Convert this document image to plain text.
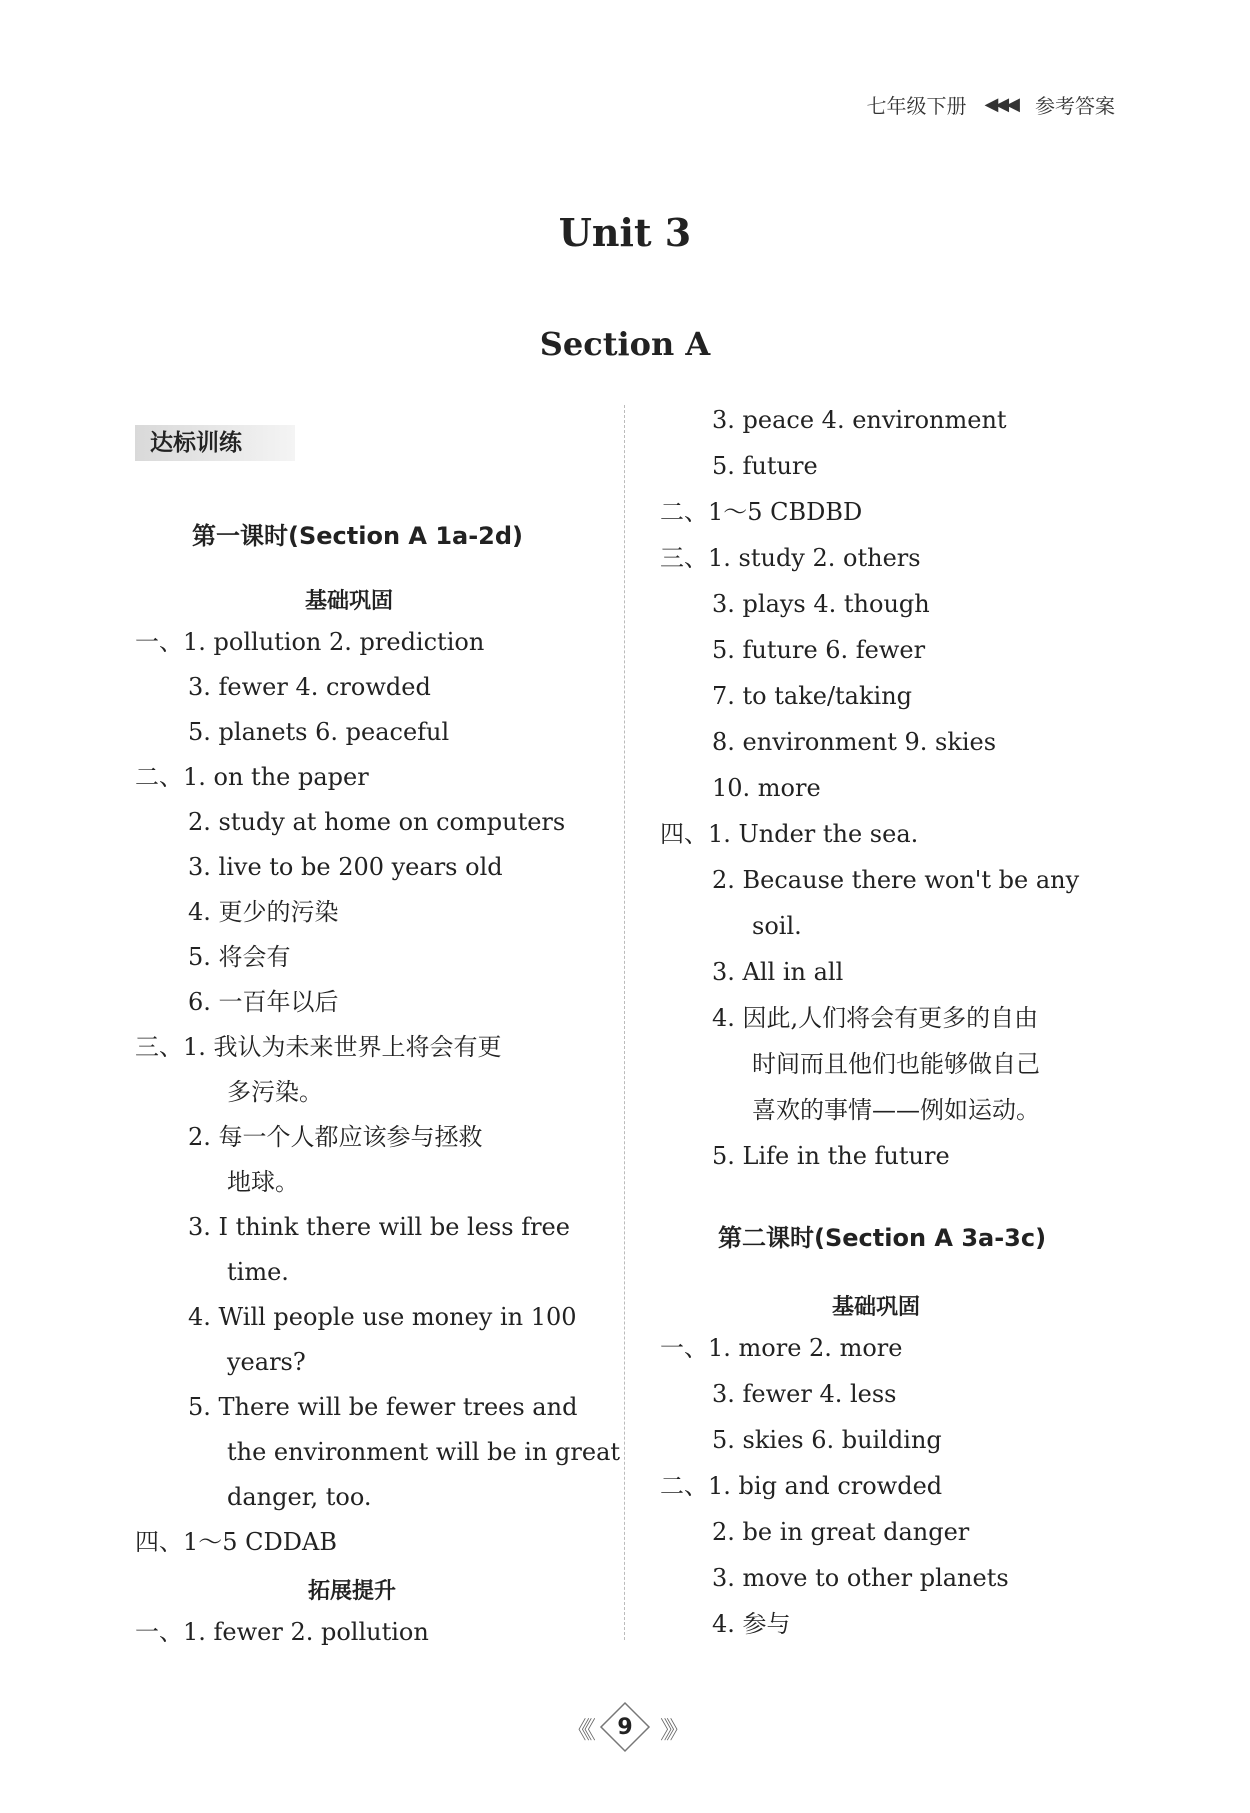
七年级下册 ◀◀◀ 参考答案
Unit 3
Section A
达标训练
第一课时(Section A 1a-2d)
基础巩固
一、1. pollution 2. prediction
3. fewer 4. crowded
5. planets 6. peaceful
二、1. on the paper
2. study at home on computers
3. live to be 200 years old
4. 更少的污染
5. 将会有
6. 一百年以后
三、1. 我认为未来世界上将会有更
多污染。
2. 每一个人都应该参与拯救
地球。
3. I think there will be less free
time.
4. Will people use money in 100
years?
5. There will be fewer trees and
the environment will be in great
danger, too.
四、1～5 CDDAB
拓展提升
一、1. fewer 2. pollution
3. peace 4. environment
5. future
二、1～5 CBDBD
三、1. study 2. others
3. plays 4. though
5. future 6. fewer
7. to take/taking
8. environment 9. skies
10. more
四、1. Under the sea.
2. Because there won't be any
soil.
3. All in all
4. 因此,人们将会有更多的自由
时间而且他们也能够做自己
喜欢的事情——例如运动。
5. Life in the future
第二课时(Section A 3a-3c)
基础巩固
一、1. more 2. more
3. fewer 4. less
5. skies 6. building
二、1. big and crowded
2. be in great danger
3. move to other planets
4. 参与
《《 9 》》
